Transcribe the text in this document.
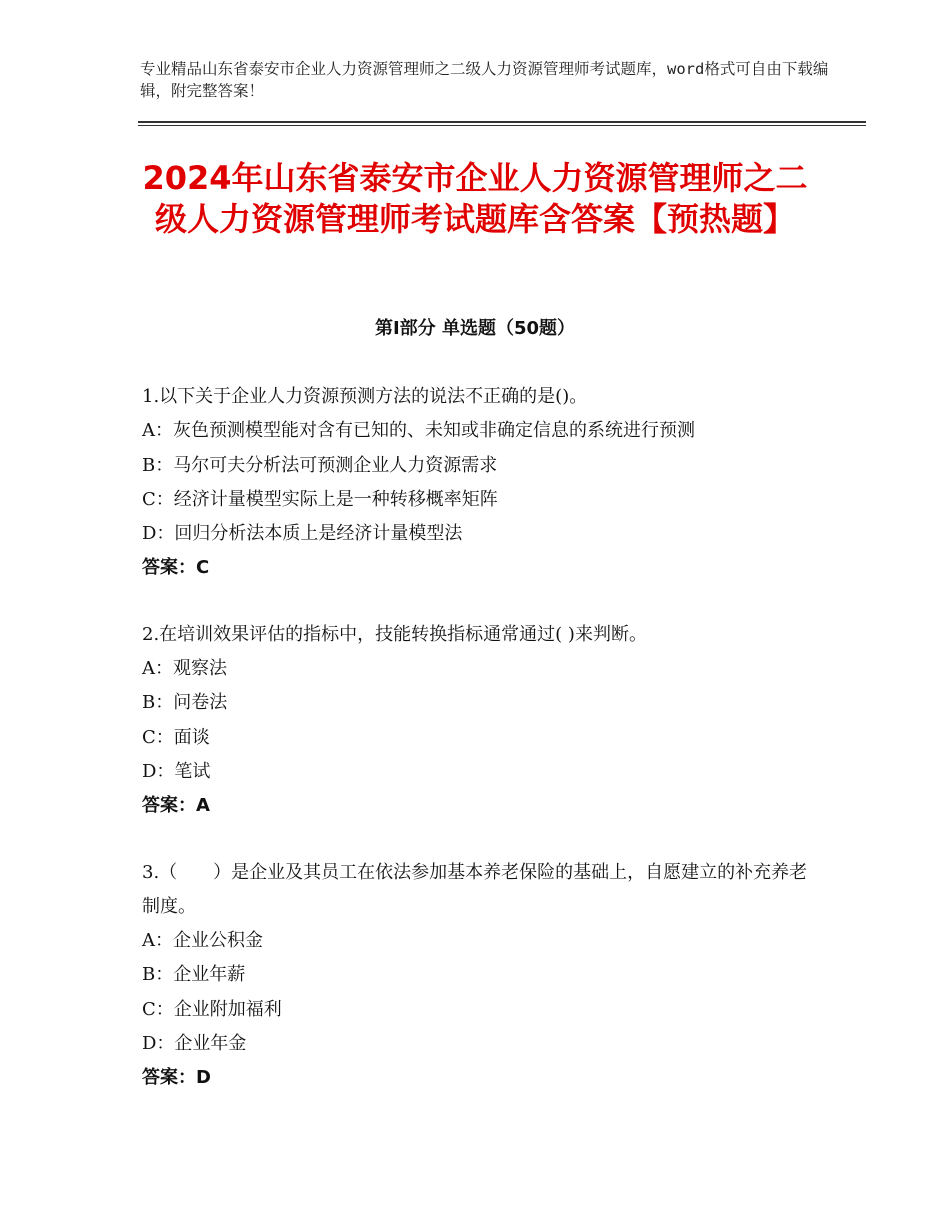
专业精品山东省泰安市企业人力资源管理师之二级人力资源管理师考试题库，word格式可自由下载编辑，附完整答案！
2024年山东省泰安市企业人力资源管理师之二级人力资源管理师考试题库含答案【预热题】
第Ⅰ部分 单选题（50题）
1.以下关于企业人力资源预测方法的说法不正确的是()。
A：灰色预测模型能对含有已知的、未知或非确定信息的系统进行预测
B：马尔可夫分析法可预测企业人力资源需求
C：经济计量模型实际上是一种转移概率矩阵
D：回归分析法本质上是经济计量模型法
答案：C
2.在培训效果评估的指标中，技能转换指标通常通过( )来判断。
A：观察法
B：问卷法
C：面谈
D：笔试
答案：A
3.（　　）是企业及其员工在依法参加基本养老保险的基础上，自愿建立的补充养老制度。
A：企业公积金
B：企业年薪
C：企业附加福利
D：企业年金
答案：D
